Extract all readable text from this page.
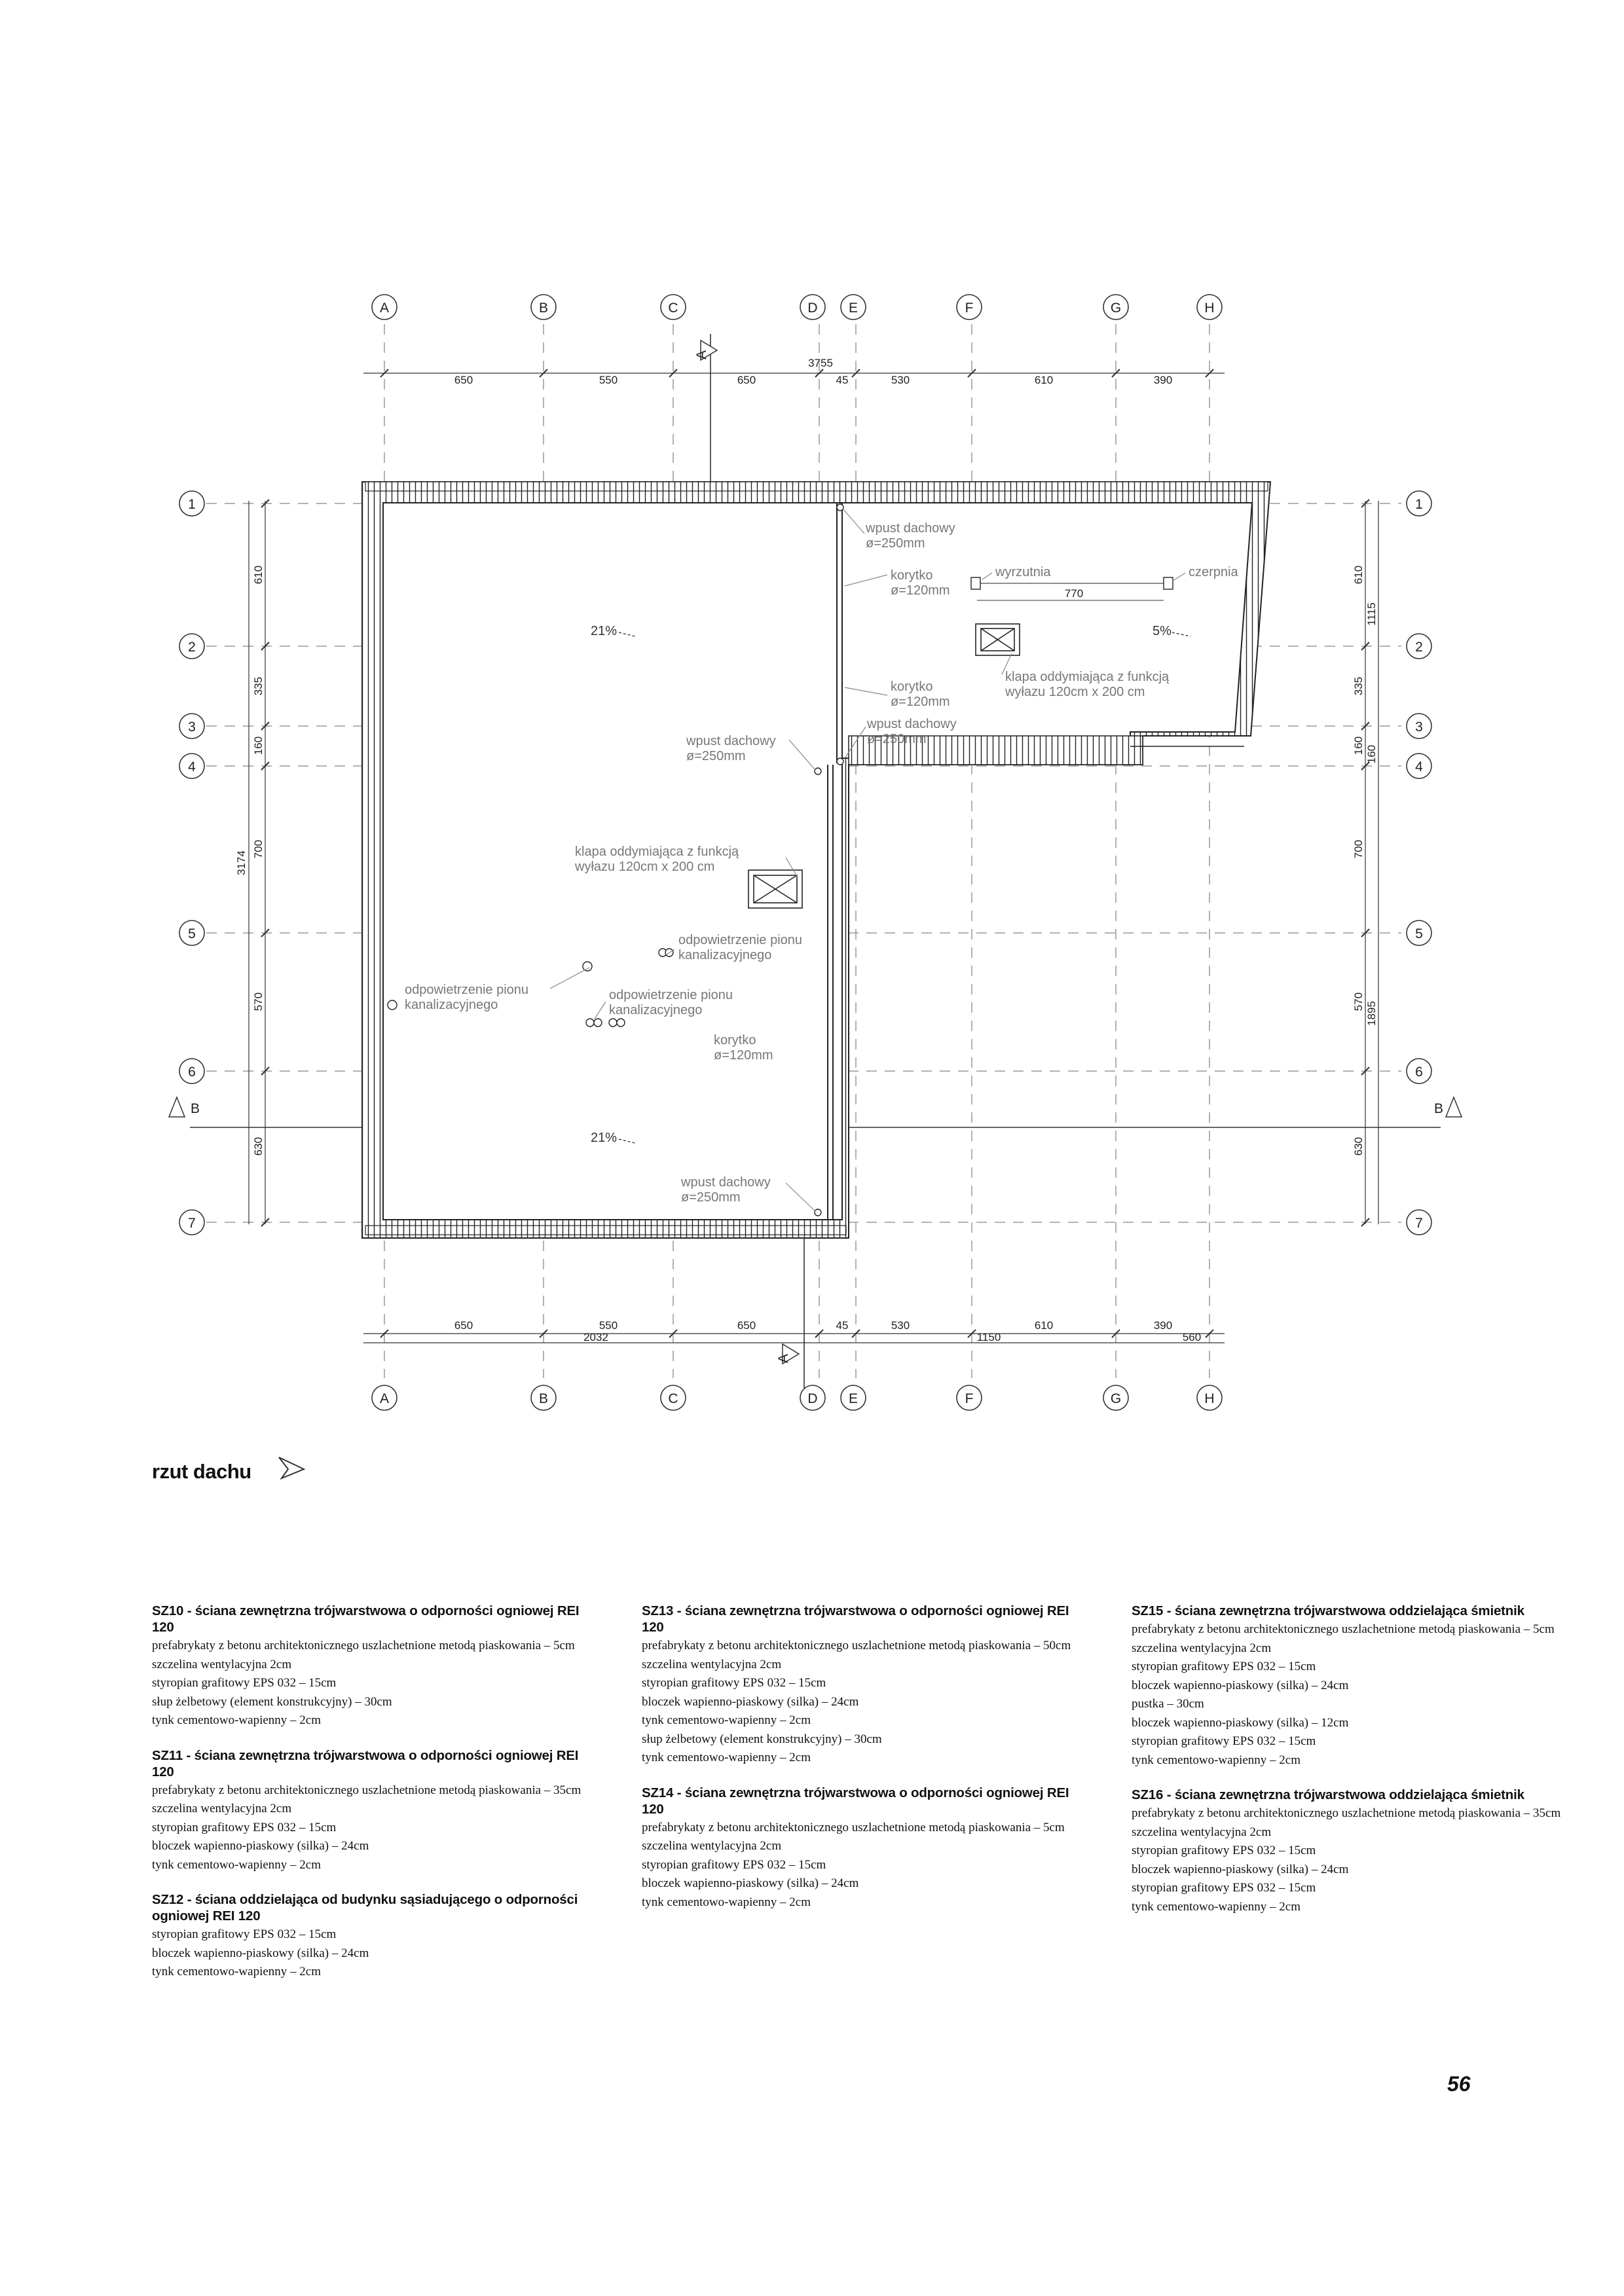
A	B	C	D E	F	G	H
A	B	C	D E	F	G	H
1
2
3
4
5
6
7
1
2
3
4
5
6
7
3755
650	550	650	45	530	610	390
650	550	650	45	530	610	390
2032	1150	560
770
610
335
160
700
570
630
3174
610
335
160
700
570
630
1115
160
1895
A
A
B	B
21%
21%
5%
wpust dachowy
ø=250mm
korytko
ø=120mm
wyrzutnia	czerpnia
korytko
ø=120mm
klapa oddymiająca z funkcją
wyłazu 120cm x 200 cm
wpust dachowy
ø=250mm
wpust dachowy
ø=250mm
klapa oddymiająca z funkcją
wyłazu 120cm x 200 cm
odpowietrzenie pionu
kanalizacyjnego
odpowietrzenie pionu
kanalizacyjnego
odpowietrzenie pionu
kanalizacyjnego
korytko
ø=120mm
wpust dachowy
ø=250mm
rzut dachu
SZ10 - ściana zewnętrzna trójwarstwowa o odporności ogniowej REI 120

prefabrykaty z betonu architektonicznego uszlachetnione metodą piaskowania – 5cm

szczelina wentylacyjna 2cm

styropian grafitowy EPS 032 – 15cm

słup żelbetowy (element konstrukcyjny) – 30cm

tynk cementowo-wapienny – 2cm

SZ11 - ściana zewnętrzna trójwarstwowa o odporności ogniowej REI 120

prefabrykaty z betonu architektonicznego uszlachetnione metodą piaskowania – 35cm

szczelina wentylacyjna 2cm

styropian grafitowy EPS 032 – 15cm

bloczek wapienno-piaskowy (silka) – 24cm

tynk cementowo-wapienny – 2cm

SZ12 - ściana oddzielająca od budynku sąsiadującego o odporności ogniowej REI 120

styropian grafitowy EPS 032 – 15cm

bloczek wapienno-piaskowy (silka) – 24cm

tynk cementowo-wapienny – 2cm

SZ13 - ściana zewnętrzna trójwarstwowa o odporności ogniowej REI 120

prefabrykaty z betonu architektonicznego uszlachetnione metodą piaskowania – 50cm

szczelina wentylacyjna 2cm

styropian grafitowy EPS 032 – 15cm

bloczek wapienno-piaskowy (silka) – 24cm

tynk cementowo-wapienny – 2cm

słup żelbetowy (element konstrukcyjny) – 30cm

tynk cementowo-wapienny – 2cm

SZ14 - ściana zewnętrzna trójwarstwowa o odporności ogniowej REI 120

prefabrykaty z betonu architektonicznego uszlachetnione metodą piaskowania – 5cm

szczelina wentylacyjna 2cm

styropian grafitowy EPS 032 – 15cm

bloczek wapienno-piaskowy (silka) – 24cm

tynk cementowo-wapienny – 2cm

SZ15 - ściana zewnętrzna trójwarstwowa oddzielająca śmietnik

prefabrykaty z betonu architektonicznego uszlachetnione metodą piaskowania – 5cm

szczelina wentylacyjna 2cm

styropian grafitowy EPS 032 – 15cm

bloczek wapienno-piaskowy (silka) – 24cm

pustka – 30cm

bloczek wapienno-piaskowy (silka) – 12cm

styropian grafitowy EPS 032 – 15cm

tynk cementowo-wapienny – 2cm

SZ16 - ściana zewnętrzna trójwarstwowa oddzielająca śmietnik

prefabrykaty z betonu architektonicznego uszlachetnione metodą piaskowania – 35cm

szczelina wentylacyjna 2cm

styropian grafitowy EPS 032 – 15cm

bloczek wapienno-piaskowy (silka) – 24cm

styropian grafitowy EPS 032 – 15cm

tynk cementowo-wapienny – 2cm

56
